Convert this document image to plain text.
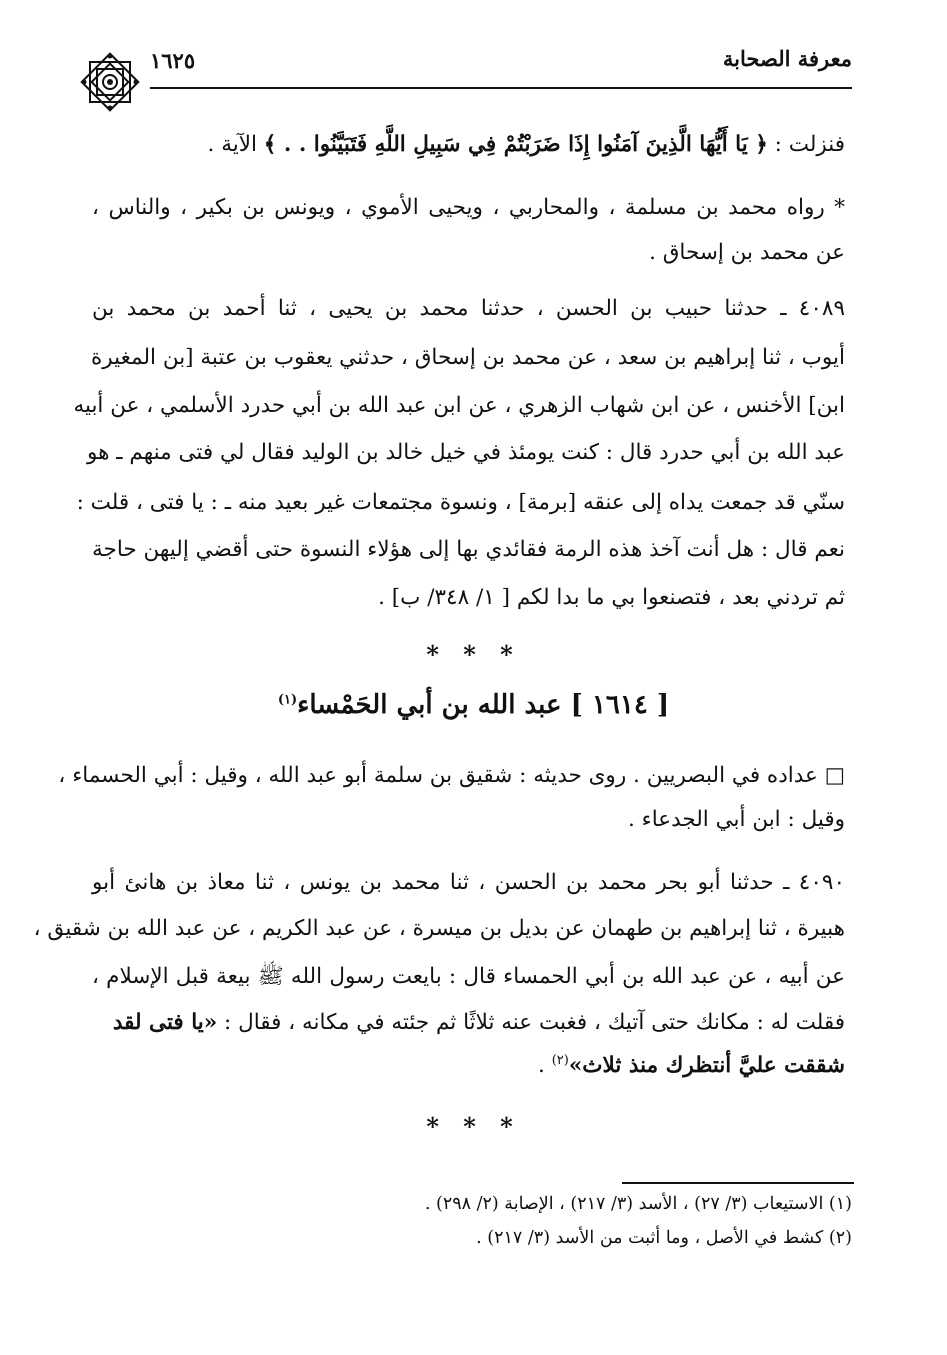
معرفة الصحابة
١٦٢٥
فنزلت : ﴿ يَا أَيُّهَا الَّذِينَ آمَنُوا إِذَا ضَرَبْتُمْ فِي سَبِيلِ اللَّهِ فَتَبَيَّنُوا . . ﴾ الآية .
* رواه محمد بن مسلمة ، والمحاربي ، ويحيى الأموي ، ويونس بن بكير ، والناس ،
عن محمد بن إسحاق .
٤٠٨٩ ـ حدثنا حبيب بن الحسن ، حدثنا محمد بن يحيى ، ثنا أحمد بن محمد بن
أيوب ، ثنا إبراهيم بن سعد ، عن محمد بن إسحاق ، حدثني يعقوب بن عتبة [بن المغيرة
ابن] الأخنس ، عن ابن شهاب الزهري ، عن ابن عبد الله بن أبي حدرد الأسلمي ، عن أبيه
عبد الله بن أبي حدرد قال : كنت يومئذ في خيل خالد بن الوليد فقال لي فتى منهم ـ هو
سنّي قد جمعت يداه إلى عنقه [برمة] ، ونسوة مجتمعات غير بعيد منه ـ : يا فتى ، قلت :
نعم قال : هل أنت آخذ هذه الرمة فقائدي بها إلى هؤلاء النسوة حتى أقضي إليهن حاجة
ثم تردني بعد ، فتصنعوا بي ما بدا لكم [ ١/ ٣٤٨/ ب] .
* * *
[ ١٦١٤ ] عبد الله بن أبي الحَمْساء$^{(١)}$
□ عداده في البصريين . روى حديثه : شقيق بن سلمة أبو عبد الله ، وقيل : أبي الحسماء ،
وقيل : ابن أبي الجدعاء .
٤٠٩٠ ـ حدثنا أبو بحر محمد بن الحسن ، ثنا محمد بن يونس ، ثنا معاذ بن هانئ أبو
هبيرة ، ثنا إبراهيم بن طهمان عن بديل بن ميسرة ، عن عبد الكريم ، عن عبد الله بن شقيق ،
عن أبيه ، عن عبد الله بن أبي الحمساء قال : بايعت رسول الله ﷺ بيعة قبل الإسلام ،
فقلت له : مكانك حتى آتيك ، فغبت عنه ثلاثًا ثم جئته في مكانه ، فقال : «يا فتى لقد
شققت عليَّ أنتظرك منذ ثلاث»$^{(٢)}$ .
* * *
(١) الاستيعاب (٣/ ٢٧) ، الأسد (٣/ ٢١٧) ، الإصابة (٢/ ٢٩٨) .
(٢) كشط في الأصل ، وما أثبت من الأسد (٣/ ٢١٧) .
